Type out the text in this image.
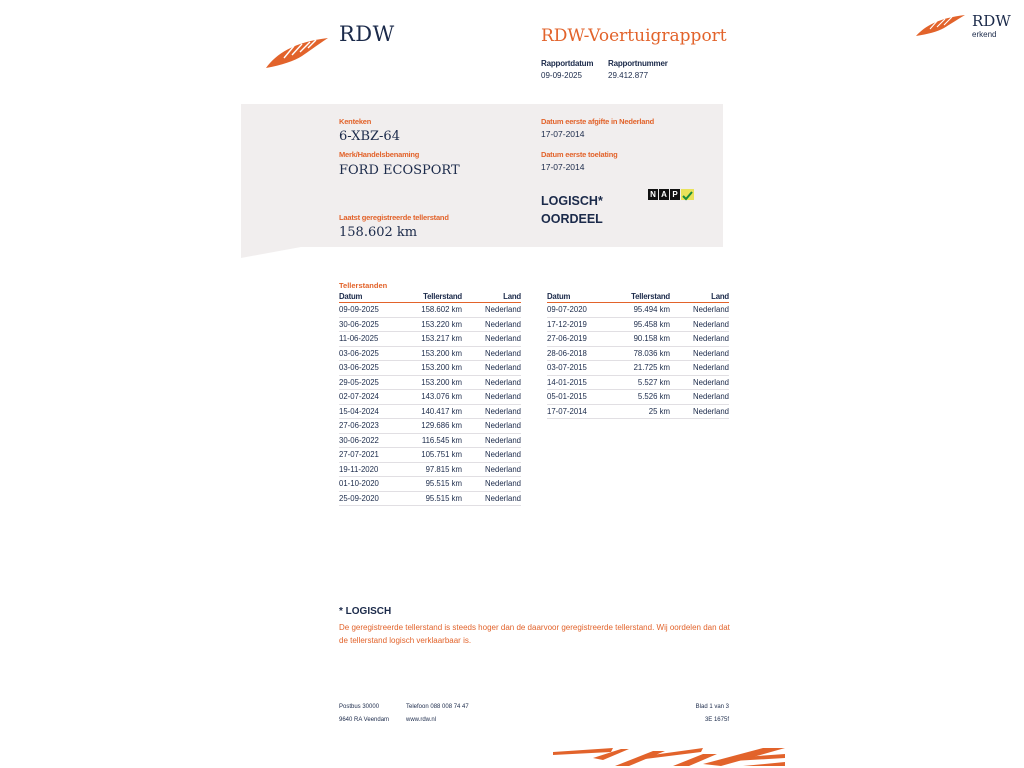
RDW	RDW-Voertuigrapport
Rapportdatum
09-09-2025
Rapportnummer
29.412.877
RDW
erkend
Kenteken
6-XBZ-64
Merk/Handelsbenaming
FORD ECOSPORT
Datum eerste afgifte in Nederland
17-07-2014
Datum eerste toelating
17-07-2014
LOGISCH*
OORDEEL
N A P
Laatst geregistreerde tellerstand
158.602 km
Tellerstanden
Datum	Tellerstand	Land
09-09-2025	158.602 km	Nederland
30-06-2025	153.220 km	Nederland
11-06-2025	153.217 km	Nederland
03-06-2025	153.200 km	Nederland
03-06-2025	153.200 km	Nederland
29-05-2025	153.200 km	Nederland
02-07-2024	143.076 km	Nederland
15-04-2024	140.417 km	Nederland
27-06-2023	129.686 km	Nederland
30-06-2022	116.545 km	Nederland
27-07-2021	105.751 km	Nederland
19-11-2020	97.815 km	Nederland
01-10-2020	95.515 km	Nederland
25-09-2020	95.515 km	Nederland
Datum	Tellerstand	Land
09-07-2020	95.494 km	Nederland
17-12-2019	95.458 km	Nederland
27-06-2019	90.158 km	Nederland
28-06-2018	78.036 km	Nederland
03-07-2015	21.725 km	Nederland
14-01-2015	5.527 km	Nederland
05-01-2015	5.526 km	Nederland
17-07-2014	25 km	Nederland
* LOGISCH
De geregistreerde tellerstand is steeds hoger dan de daarvoor geregistreerde tellerstand. Wij oordelen dan dat de tellerstand logisch verklaarbaar is.
Postbus 30000
9640 RA Veendam
Telefoon 088 008 74 47
www.rdw.nl
Blad 1 van 3
3E 1675f
